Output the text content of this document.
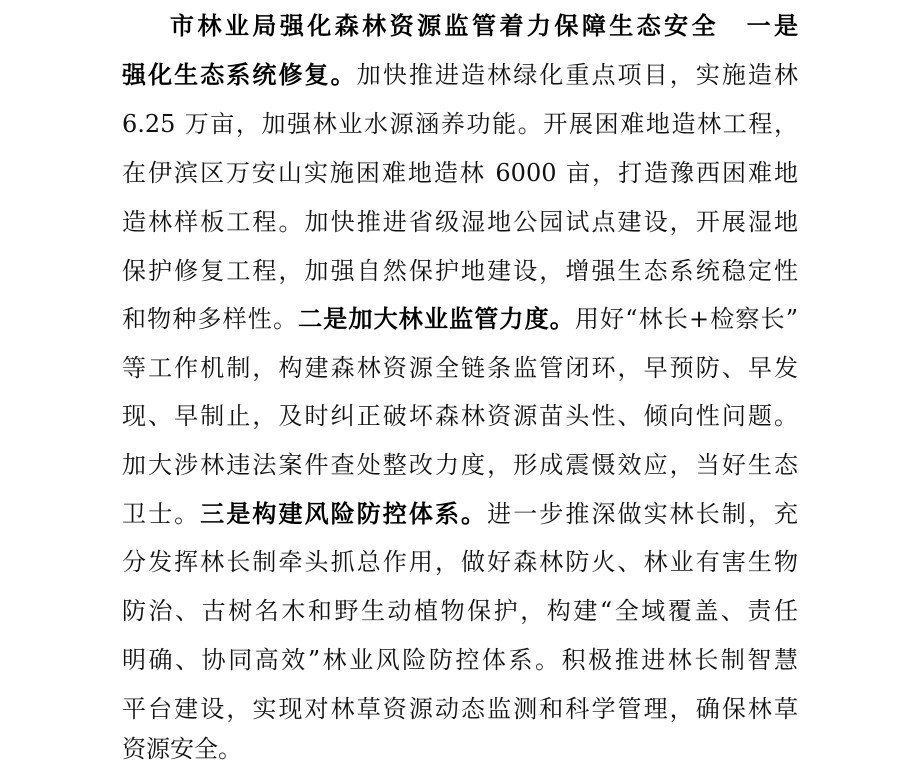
市林业局强化森林资源监管着力保障生态安全　 一是
强化生态系统修复。加快推进造林绿化重点项目，实施造林
6.25 万亩，加强林业水源涵养功能。开展困难地造林工程，
在伊滨区万安山实施困难地造林 6000 亩，打造豫西困难地
造林样板工程。加快推进省级湿地公园试点建设，开展湿地
保护修复工程，加强自然保护地建设，增强生态系统稳定性
和物种多样性。二是加大林业监管力度。用好“林长+检察长”
等工作机制，构建森林资源全链条监管闭环，早预防、早发
现、早制止，及时纠正破坏森林资源苗头性、倾向性问题。
加大涉林违法案件查处整改力度，形成震慑效应，当好生态
卫士。三是构建风险防控体系。进一步推深做实林长制，充
分发挥林长制牵头抓总作用，做好森林防火、林业有害生物
防治、古树名木和野生动植物保护，构建“全域覆盖、责任
明确、协同高效”林业风险防控体系。积极推进林长制智慧
平台建设，实现对林草资源动态监测和科学管理，确保林草
资源安全。
